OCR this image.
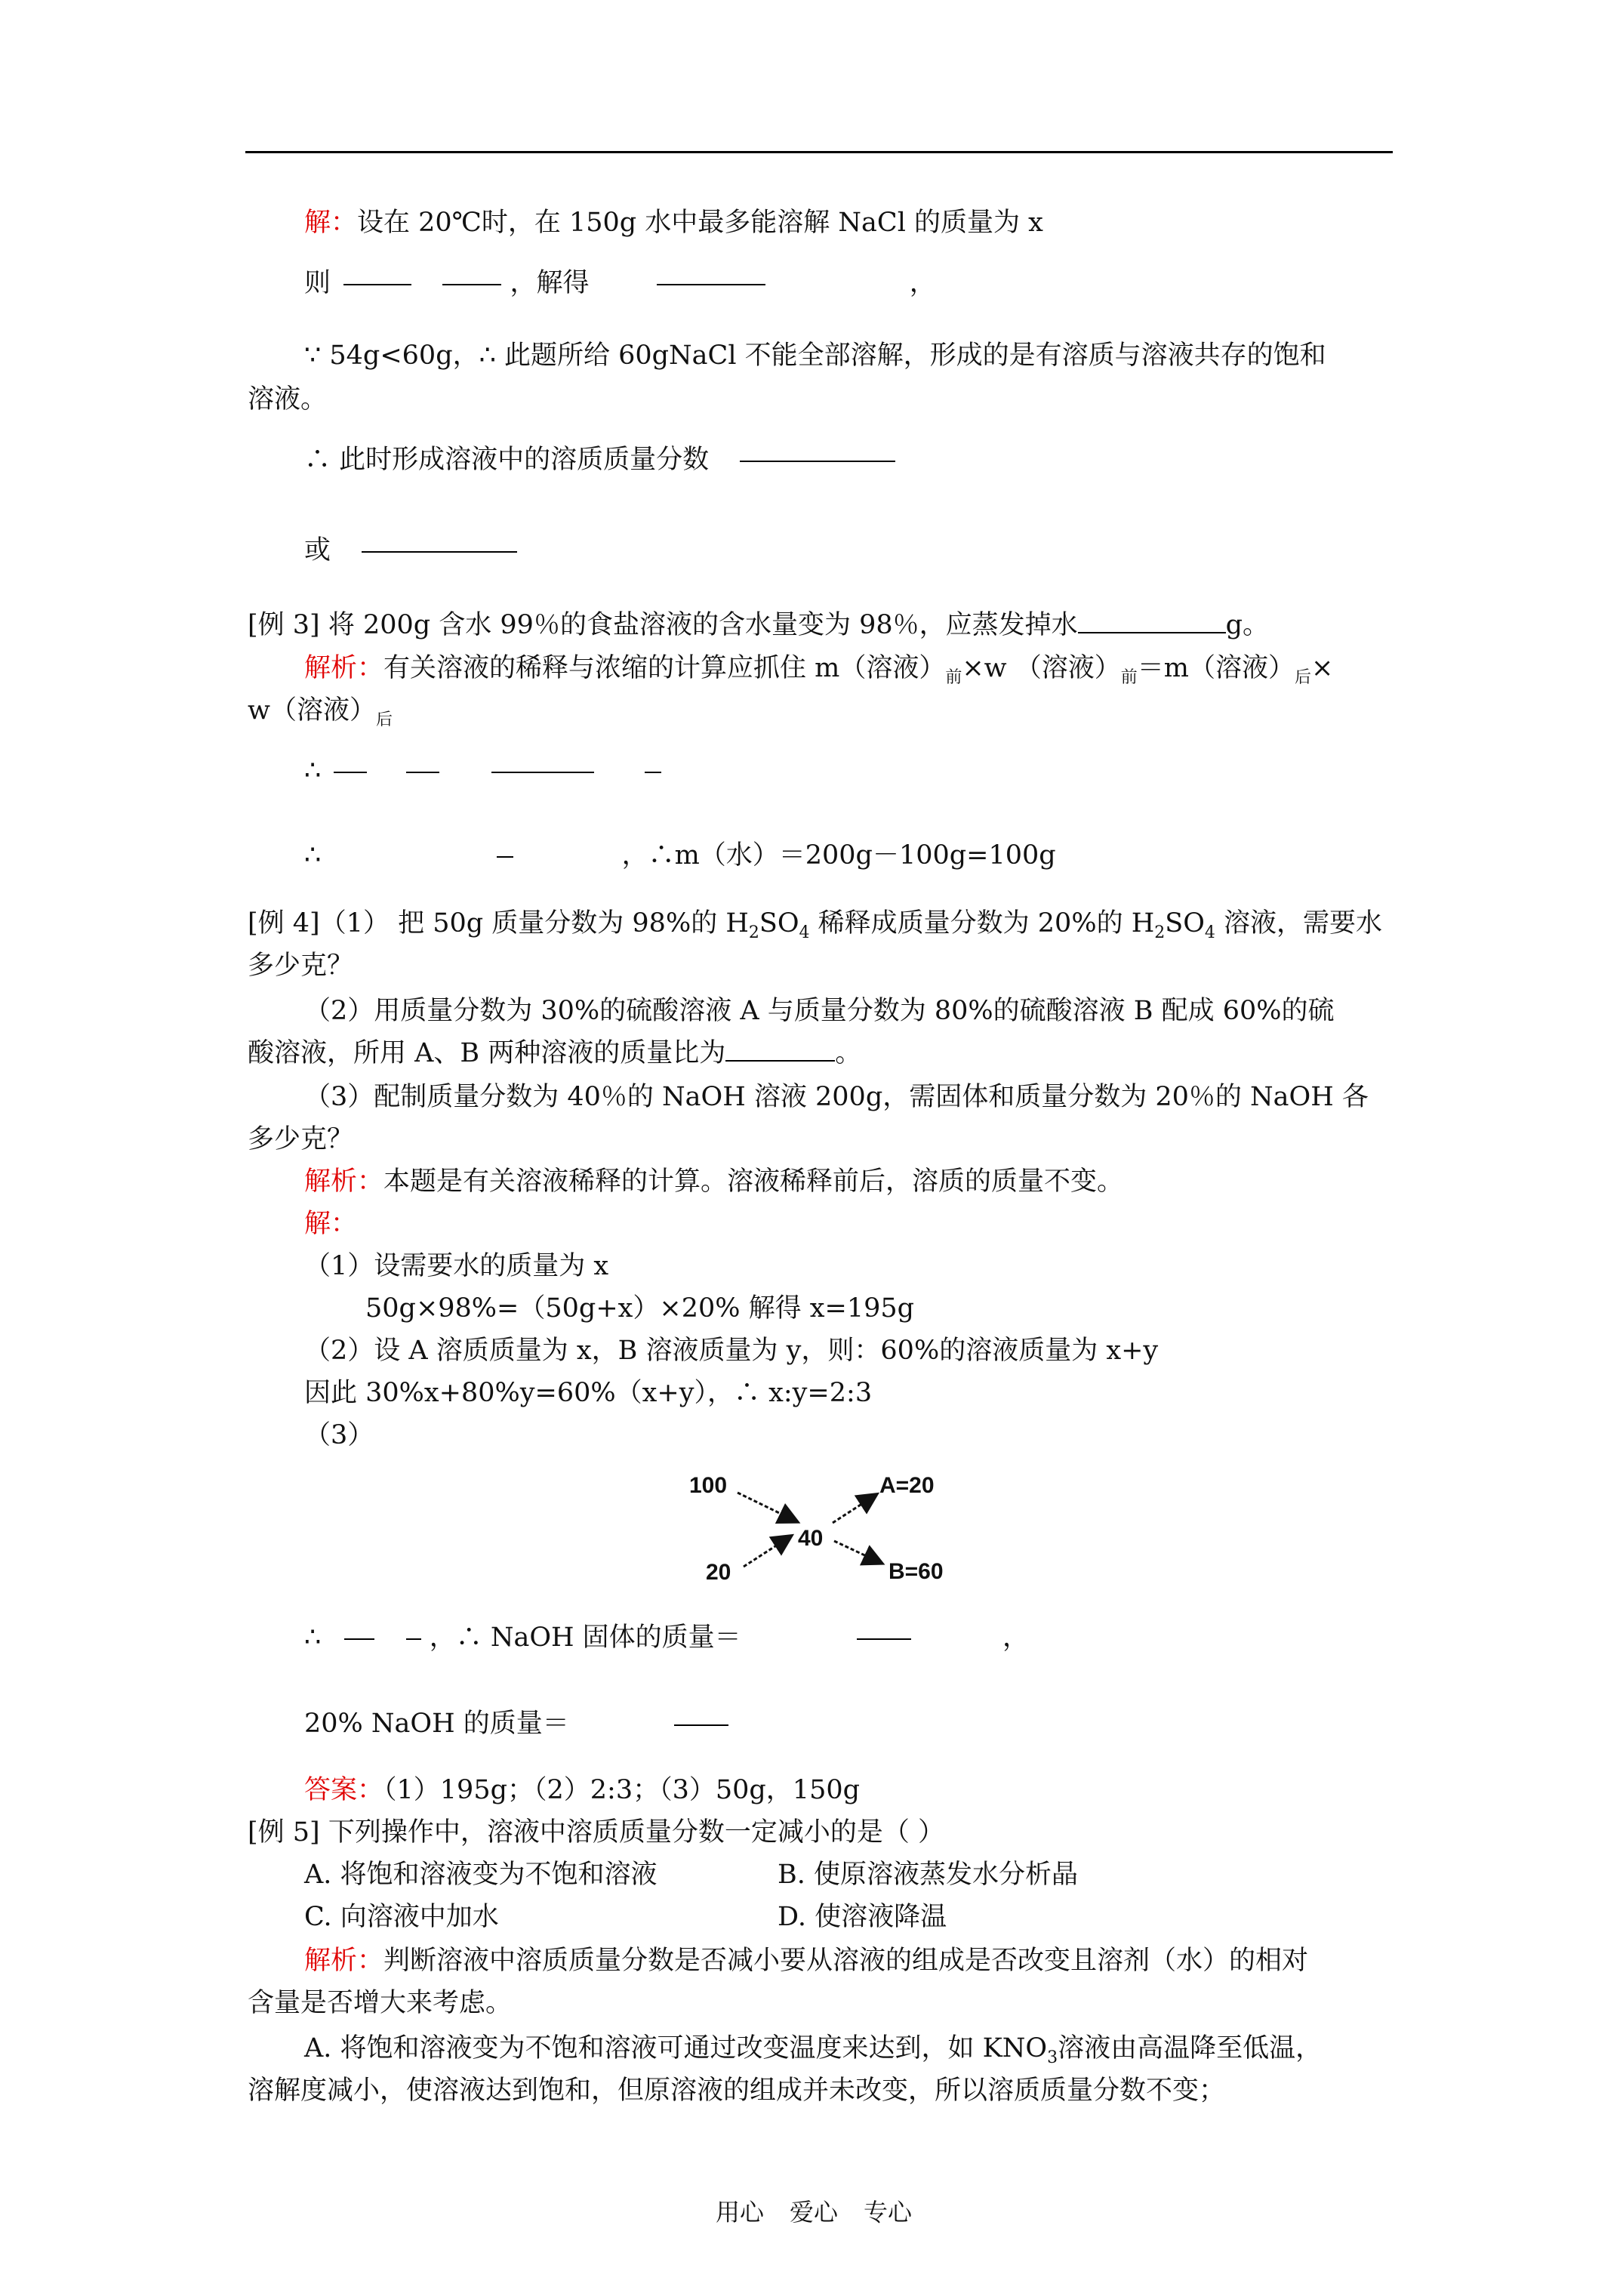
解：设在 20℃时，在 150g 水中最多能溶解 NaCl 的质量为 x
则	，解得	，
∵ 54g<60g，∴ 此题所给 60gNaCl 不能全部溶解，形成的是有溶质与溶液共存的饱和
溶液。
∴ 此时形成溶液中的溶质质量分数
或
[例 3] 将 200g 含水 99％的食盐溶液的含水量变为 98％，应蒸发掉水	g。
解析：有关溶液的稀释与浓缩的计算应抓住 m（溶液）$_前\times w$ （溶液）$_前=m$（溶液）$_后\times$
w（溶液）$_后$
∴
∴	，∴m（水）＝200g－100g=100g
[例 4]（1） 把 50g 质量分数为 98%的 $H_2SO_4$ 稀释成质量分数为 20%的 $H_2SO_4$ 溶液，需要水
多少克？
（2）用质量分数为 30%的硫酸溶液 A 与质量分数为 80%的硫酸溶液 B 配成 60%的硫
酸溶液，所用 A、B 两种溶液的质量比为	。
（3）配制质量分数为 40％的 NaOH 溶液 200g，需固体和质量分数为 20％的 NaOH 各
多少克？
解析：本题是有关溶液稀释的计算。溶液稀释前后，溶质的质量不变。
解：
（1）设需要水的质量为 x
50g×98%=（50g+x）×20% 解得 x=195g
（2）设 A 溶质质量为 x，B 溶液质量为 y，则：60%的溶液质量为 x+y
因此 30%x+80%y=60%（x+y），∴ x:y=2:3
（3）
100
20
40
A=20
B=60
∴	，∴ NaOH 固体的质量＝	，
20% NaOH 的质量＝
答案：（1）195g；（2）2:3；（3）50g，150g
[例 5] 下列操作中，溶液中溶质质量分数一定减小的是（ ）
A. 将饱和溶液变为不饱和溶液	B. 使原溶液蒸发水分析晶
C. 向溶液中加水	D. 使溶液降温
解析：判断溶液中溶质质量分数是否减小要从溶液的组成是否改变且溶剂（水）的相对
含量是否增大来考虑。
A. 将饱和溶液变为不饱和溶液可通过改变温度来达到，如 $KNO_3$溶液由高温降至低温，
溶解度减小，使溶液达到饱和，但原溶液的组成并未改变，所以溶质质量分数不变；
用心 爱心 专心
